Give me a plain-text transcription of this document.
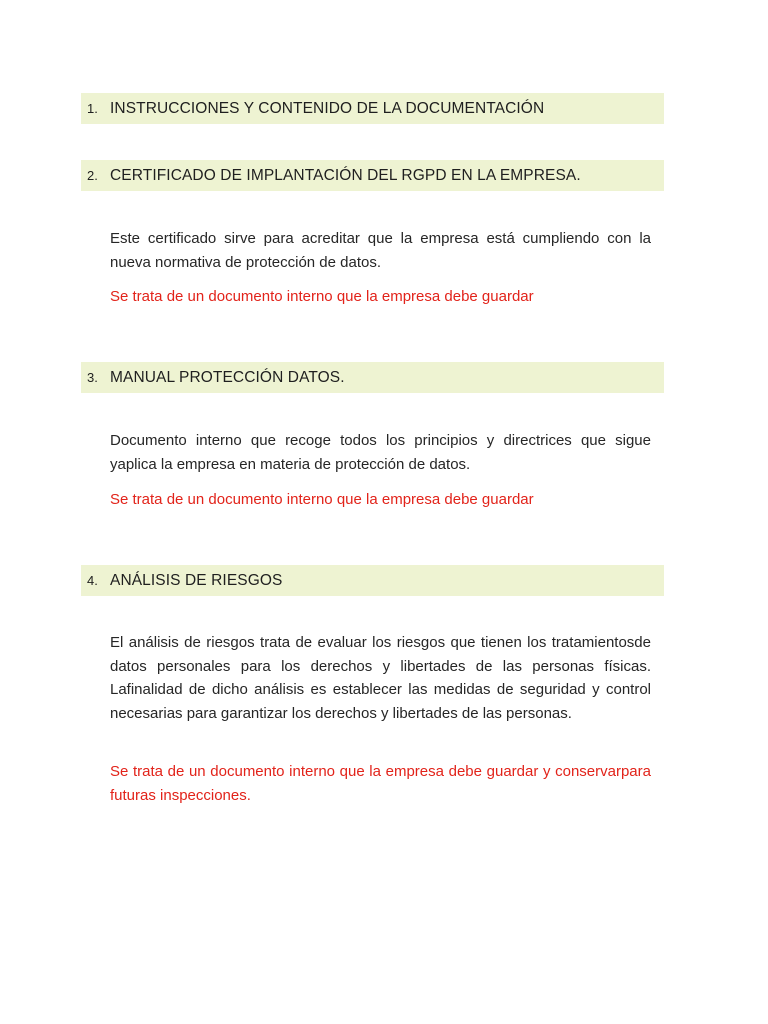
1. INSTRUCCIONES Y CONTENIDO DE LA DOCUMENTACIÓN
2. CERTIFICADO DE IMPLANTACIÓN DEL RGPD EN LA EMPRESA.

Este certificado sirve para acreditar que la empresa está cumpliendo con la nueva normativa de protección de datos.

Se trata de un documento interno que la empresa debe guardar

3. MANUAL PROTECCIÓN DATOS.

Documento interno que recoge todos los principios y directrices que sigue yaplica la empresa en materia de protección de datos.

Se trata de un documento interno que la empresa debe guardar

4. ANÁLISIS DE RIESGOS

El análisis de riesgos trata de evaluar los riesgos que tienen los tratamientosde datos personales para los derechos y libertades de las personas físicas. Lafinalidad de dicho análisis es establecer las medidas de seguridad y control necesarias para garantizar los derechos y libertades de las personas.

Se trata de un documento interno que la empresa debe guardar y conservarpara futuras inspecciones.
